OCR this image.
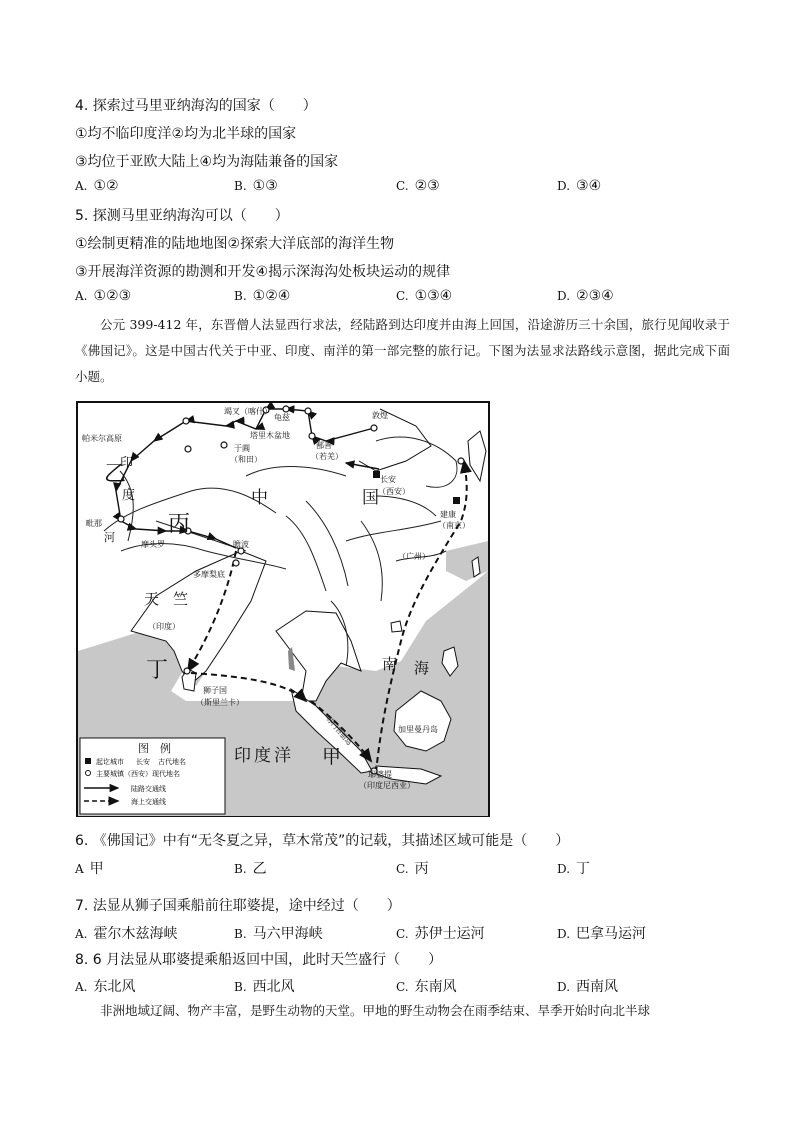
4. 探索过马里亚纳海沟的国家（　　）
①均不临印度洋②均为北半球的国家
③均位于亚欧大陆上④均为海陆兼备的国家
A. ①②	B. ①③	C. ②③	D. ③④
5. 探测马里亚纳海沟可以（　　）
①绘制更精准的陆地地图②探索大洋底部的海洋生物
③开展海洋资源的勘测和开发④揭示深海沟处板块运动的规律
A. ①②③	B. ①②④	C. ①③④	D. ②③④
公元 399-412 年，东晋僧人法显西行求法，经陆路到达印度并由海上回国，沿途游历三十余国，旅行见闻收录于《佛国记》。这是中国古代关于中亚、印度、南洋的第一部完整的旅行记。下图为法显求法路线示意图，据此完成下面小题。
竭叉（喀什）
龟兹
塔里木盆地
于阗
（和田）
敦煌
鄯善
（若羌）
帕米尔高原
毗那
摩头罗	瞻波
多摩梨底
（印度）
长安
（西安）
建康
（南京）
（广州）
狮子国
（斯里兰卡）
加里曼丹岛
耶婆提
（印度尼西亚）
苏门答腊岛
印
度
河
天竺
中	国
南 海
印度洋
乙
丙
丁
甲
图　例
起讫城市 长安 古代地名
主要城镇（西安）现代地名
陆路交通线
海上交通线
6. 《佛国记》中有“无冬夏之异，草木常茂”的记载，其描述区域可能是（　　）
A 甲	B. 乙	C. 丙	D. 丁
7. 法显从狮子国乘船前往耶婆提，途中经过（　　）
A. 霍尔木兹海峡	B. 马六甲海峡	C. 苏伊士运河	D. 巴拿马运河
8. 6 月法显从耶婆提乘船返回中国，此时天竺盛行（　　）
A. 东北风	B. 西北风	C. 东南风	D. 西南风
非洲地域辽阔、物产丰富，是野生动物的天堂。甲地的野生动物会在雨季结束、旱季开始时向北半球
